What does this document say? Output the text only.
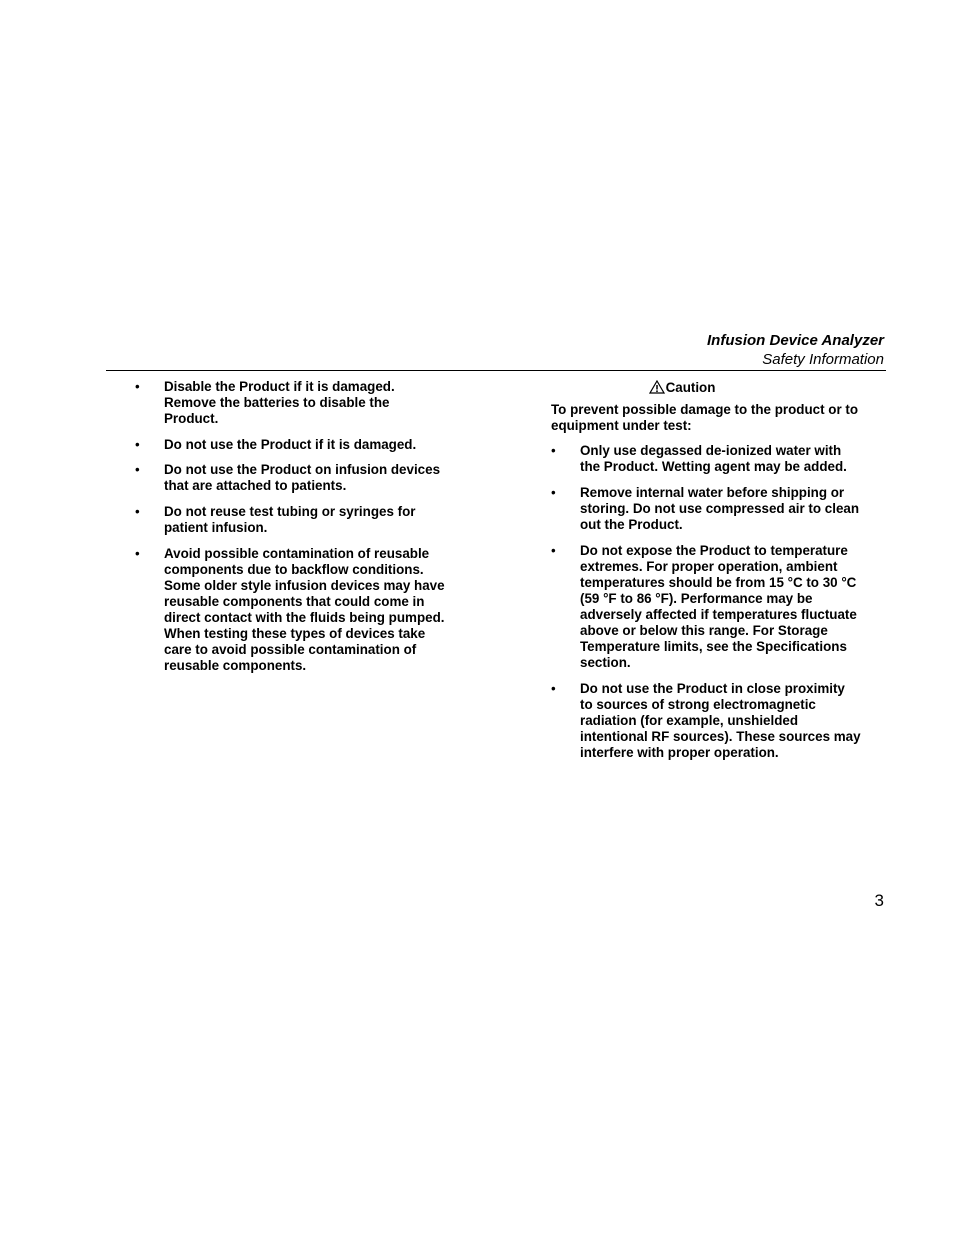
Infusion Device Analyzer
Safety Information
• Disable the Product if it is damaged. Remove the batteries to disable the Product.
• Do not use the Product if it is damaged.
• Do not use the Product on infusion devices that are attached to patients.
• Do not reuse test tubing or syringes for patient infusion.
• Avoid possible contamination of reusable components due to backflow conditions. Some older style infusion devices may have reusable components that could come in direct contact with the fluids being pumped. When testing these types of devices take care to avoid possible contamination of reusable components.
Caution
To prevent possible damage to the product or to equipment under test:
• Only use degassed de-ionized water with the Product. Wetting agent may be added.
• Remove internal water before shipping or storing. Do not use compressed air to clean out the Product.
• Do not expose the Product to temperature extremes. For proper operation, ambient temperatures should be from 15 °C to 30 °C (59 °F to 86 °F). Performance may be adversely affected if temperatures fluctuate above or below this range. For Storage Temperature limits, see the Specifications section.
• Do not use the Product in close proximity to sources of strong electromagnetic radiation (for example, unshielded intentional RF sources). These sources may interfere with proper operation.
3
